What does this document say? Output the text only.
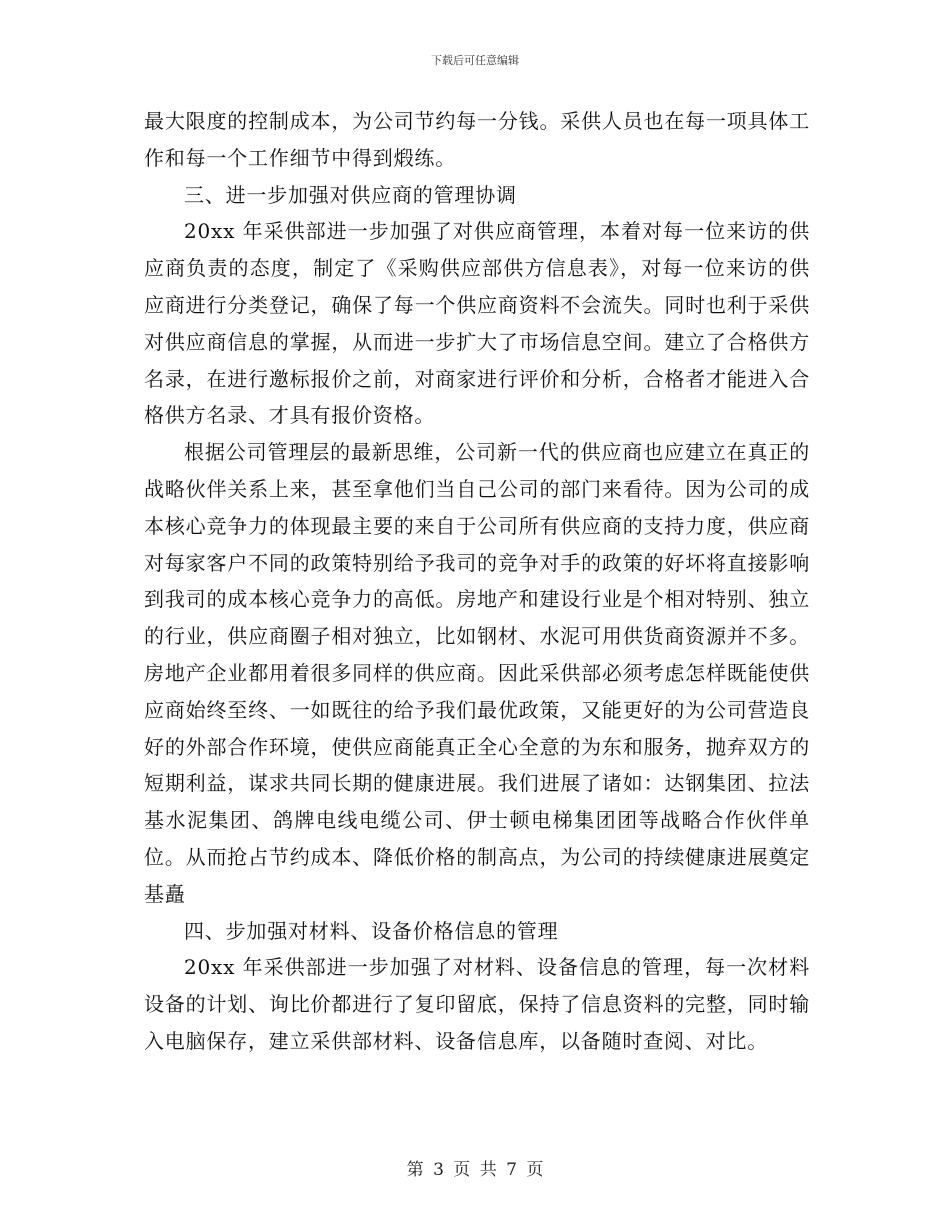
下载后可任意编辑

最大限度的控制成本，为公司节约每一分钱。采供人员也在每一项具体工作和每一个工作细节中得到煅练。

三、进一步加强对供应商的管理协调

20xx 年采供部进一步加强了对供应商管理，本着对每一位来访的供应商负责的态度，制定了《采购供应部供方信息表》，对每一位来访的供应商进行分类登记，确保了每一个供应商资料不会流失。同时也利于采供对供应商信息的掌握，从而进一步扩大了市场信息空间。建立了合格供方名录，在进行邀标报价之前，对商家进行评价和分析，合格者才能进入合格供方名录、才具有报价资格。

根据公司管理层的最新思维，公司新一代的供应商也应建立在真正的战略伙伴关系上来，甚至拿他们当自己公司的部门来看待。因为公司的成本核心竞争力的体现最主要的来自于公司所有供应商的支持力度，供应商对每家客户不同的政策特别给予我司的竞争对手的政策的好坏将直接影响到我司的成本核心竞争力的高低。房地产和建设行业是个相对特别、独立的行业，供应商圈子相对独立，比如钢材、水泥可用供货商资源并不多。房地产企业都用着很多同样的供应商。因此采供部必须考虑怎样既能使供应商始终至终、一如既往的给予我们最优政策，又能更好的为公司营造良好的外部合作环境，使供应商能真正全心全意的为东和服务，抛弃双方的短期利益，谋求共同长期的健康进展。我们进展了诸如：达钢集团、拉法基水泥集团、鸽牌电线电缆公司、伊士顿电梯集团团等战略合作伙伴单位。从而抢占节约成本、降低价格的制高点，为公司的持续健康进展奠定基矗

四、步加强对材料、设备价格信息的管理

20xx 年采供部进一步加强了对材料、设备信息的管理，每一次材料设备的计划、询比价都进行了复印留底，保持了信息资料的完整，同时输入电脑保存，建立采供部材料、设备信息库，以备随时查阅、对比。

第 3 页 共 7 页
